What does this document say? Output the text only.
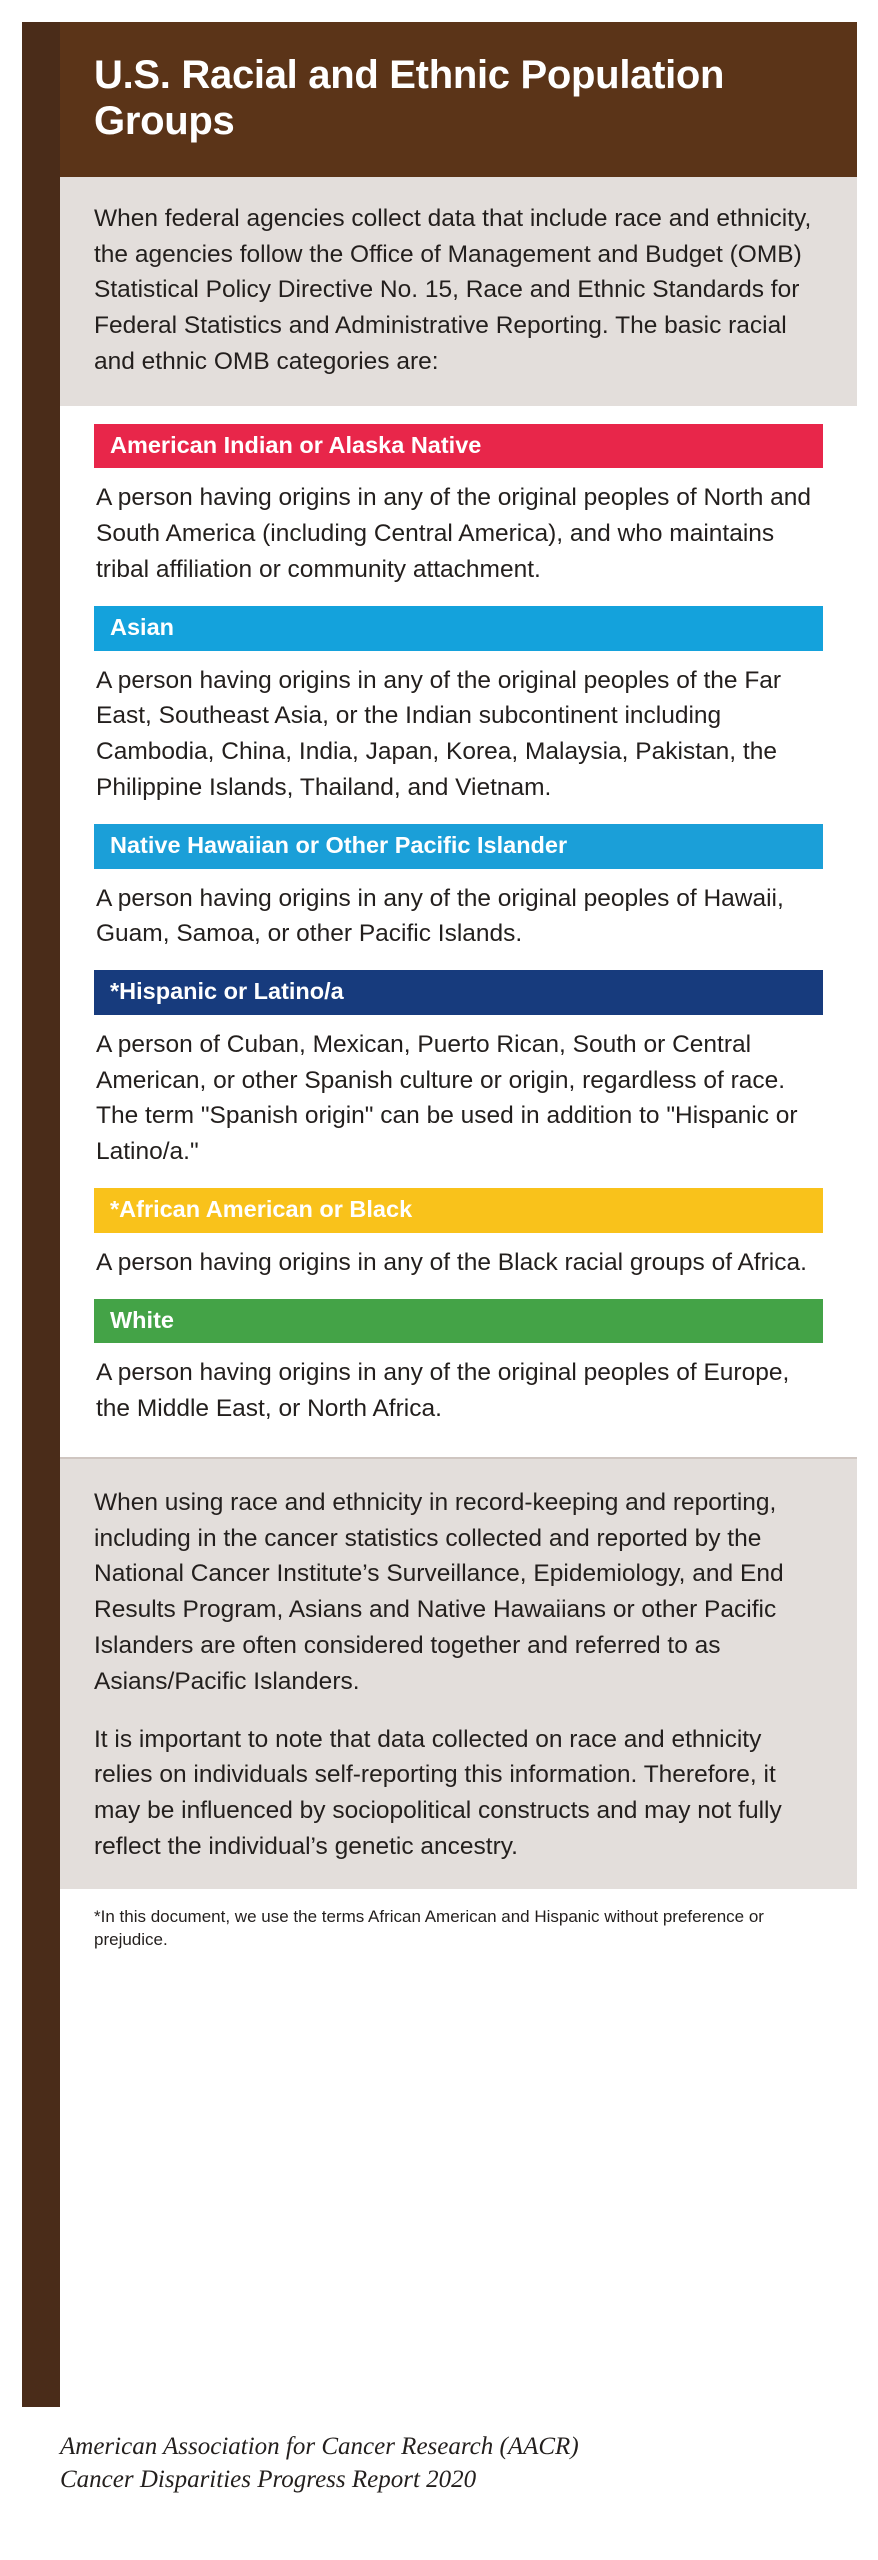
U.S. Racial and Ethnic Population Groups

When federal agencies collect data that include race and ethnicity, the agencies follow the Office of Management and Budget (OMB) Statistical Policy Directive No. 15, Race and Ethnic Standards for Federal Statistics and Administrative Reporting. The basic racial and ethnic OMB categories are:

American Indian or Alaska Native

A person having origins in any of the original peoples of North and South America (including Central America), and who maintains tribal affiliation or community attachment.

Asian

A person having origins in any of the original peoples of the Far East, Southeast Asia, or the Indian subcontinent including Cambodia, China, India, Japan, Korea, Malaysia, Pakistan, the Philippine Islands, Thailand, and Vietnam.

Native Hawaiian or Other Pacific Islander

A person having origins in any of the original peoples of Hawaii, Guam, Samoa, or other Pacific Islands.

*Hispanic or Latino/a

A person of Cuban, Mexican, Puerto Rican, South or Central American, or other Spanish culture or origin, regardless of race. The term "Spanish origin" can be used in addition to "Hispanic or Latino/a."

*African American or Black

A person having origins in any of the Black racial groups of Africa.

White

A person having origins in any of the original peoples of Europe, the Middle East, or North Africa.

When using race and ethnicity in record-keeping and reporting, including in the cancer statistics collected and reported by the National Cancer Institute’s Surveillance, Epidemiology, and End Results Program, Asians and Native Hawaiians or other Pacific Islanders are often considered together and referred to as Asians/Pacific Islanders.

It is important to note that data collected on race and ethnicity relies on individuals self-reporting this information. Therefore, it may be influenced by sociopolitical constructs and may not fully reflect the individual’s genetic ancestry.

*In this document, we use the terms African American and Hispanic without preference or prejudice.

American Association for Cancer Research (AACR)
Cancer Disparities Progress Report 2020
